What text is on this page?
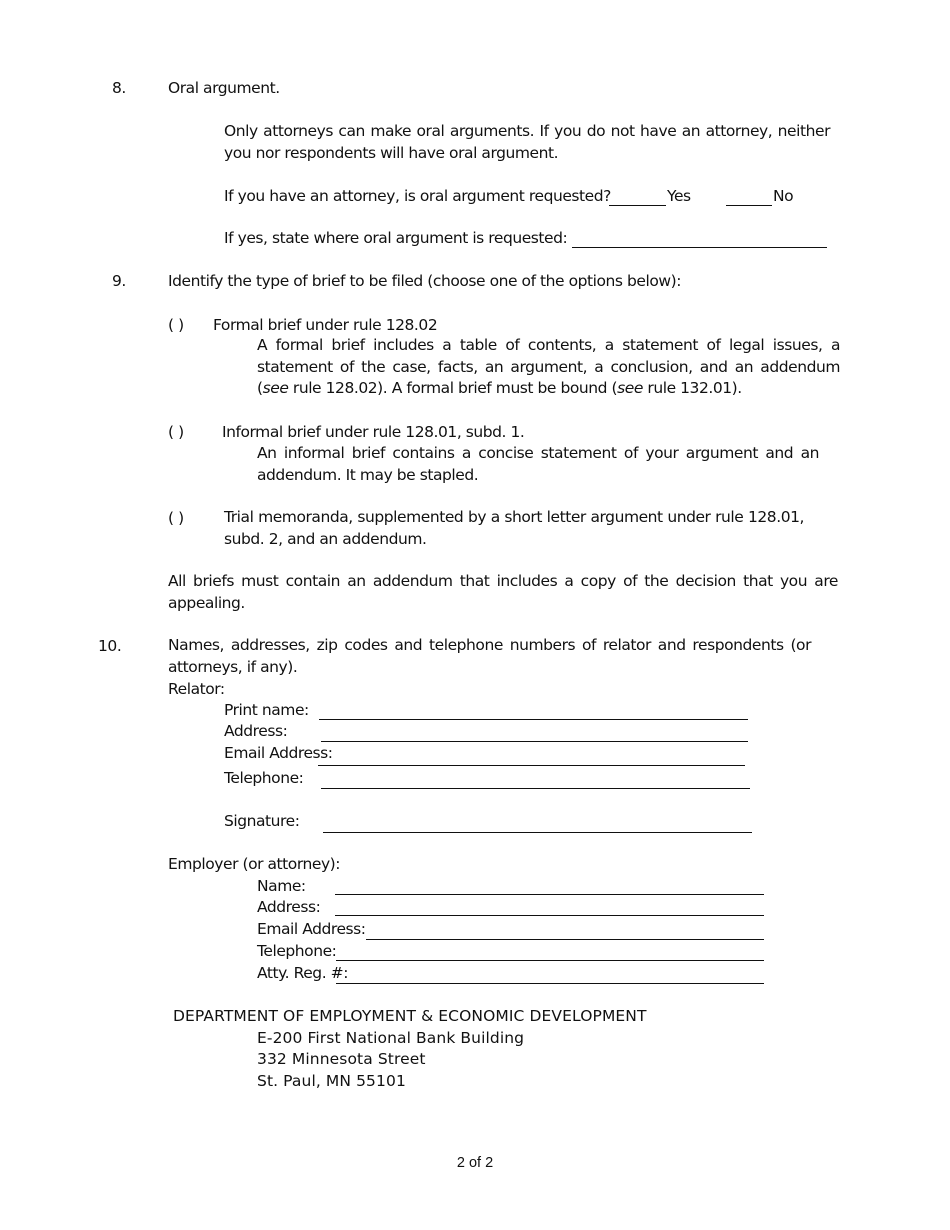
8.	Oral argument.
Only attorneys can make oral arguments. If you do not have an attorney, neither you nor respondents will have oral argument.
If you have an attorney, is oral argument requested?	Yes	No
If yes, state where oral argument is requested:
9.	Identify the type of brief to be filed (choose one of the options below):
( ) Formal brief under rule 128.02
A formal brief includes a table of contents, a statement of legal issues, a statement of the case, facts, an argument, a conclusion, and an addendum (see rule 128.02). A formal brief must be bound (see rule 132.01).
( ) Informal brief under rule 128.01, subd. 1.
An informal brief contains a concise statement of your argument and an addendum. It may be stapled.
( )	Trial memoranda, supplemented by a short letter argument under rule 128.01, subd. 2, and an addendum.
All briefs must contain an addendum that includes a copy of the decision that you are appealing.
10.	Names, addresses, zip codes and telephone numbers of relator and respondents (or attorneys, if any).
Relator:
Print name:
Address:
Email Address:
Telephone:
Signature:
Employer (or attorney):
Name:
Address:
Email Address:
Telephone:
Atty. Reg. #:
DEPARTMENT OF EMPLOYMENT & ECONOMIC DEVELOPMENT
E-200 First National Bank Building
332 Minnesota Street
St. Paul, MN 55101
2 of 2
